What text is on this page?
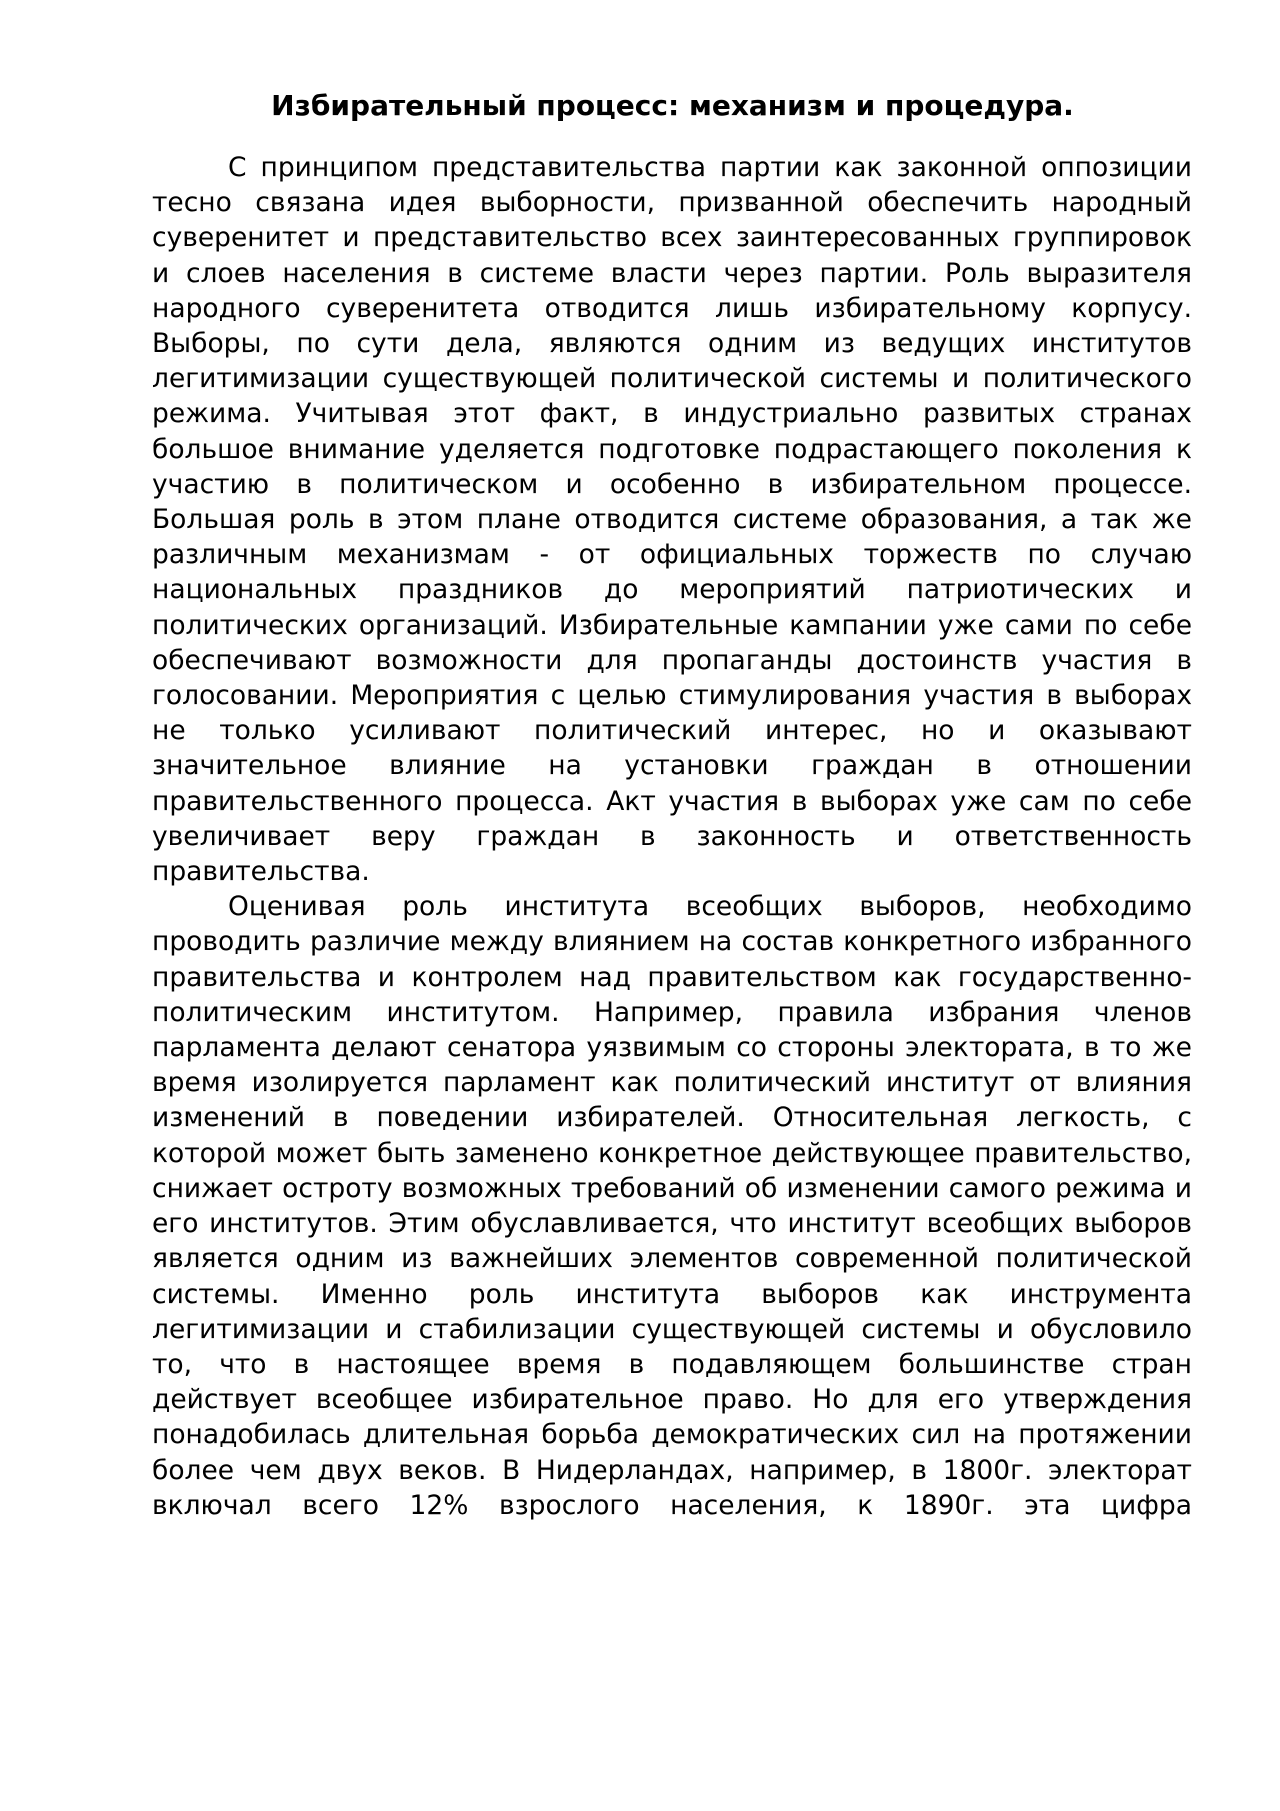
Избирательный процесс: механизм и процедура.

С принципом представительства партии как законной оппозиции тесно связана идея выборности, призванной обеспечить народный суверенитет и представительство всех заинтересованных группировок и слоев населения в системе власти через партии. Роль выразителя народного суверенитета отводится лишь избирательному корпусу. Выборы, по сути дела, являются одним из ведущих институтов легитимизации существующей политической системы и политического режима. Учитывая этот факт, в индустриально развитых странах большое внимание уделяется подготовке подрастающего поколения к участию в политическом и особенно в избирательном процессе. Большая роль в этом плане отводится системе образования, а так же различным механизмам - от официальных торжеств по случаю национальных праздников до мероприятий патриотических и политических организаций. Избирательные кампании уже сами по себе обеспечивают возможности для пропаганды достоинств участия в голосовании. Мероприятия с целью стимулирования участия в выборах не только усиливают политический интерес, но и оказывают значительное влияние на установки граждан в отношении правительственного процесса. Акт участия в выборах уже сам по себе увеличивает веру граждан в законность и ответственность правительства.

Оценивая роль института всеобщих выборов, необходимо проводить различие между влиянием на состав конкретного избранного правительства и контролем над правительством как государственно-политическим институтом. Например, правила избрания членов парламента делают сенатора уязвимым со стороны электората, в то же время изолируется парламент как политический институт от влияния изменений в поведении избирателей. Относительная легкость, с которой может быть заменено конкретное действующее правительство, снижает остроту возможных требований об изменении самого режима и его институтов. Этим обуславливается, что институт всеобщих выборов является одним из важнейших элементов современной политической системы. Именно роль института выборов как инструмента легитимизации и стабилизации существующей системы и обусловило то, что в настоящее время в подавляющем большинстве стран действует всеобщее избирательное право. Но для его утверждения понадобилась длительная борьба демократических сил на протяжении более чем двух веков. В Нидерландах, например, в 1800г. электорат включал всего 12% взрослого населения, к 1890г. эта цифра
